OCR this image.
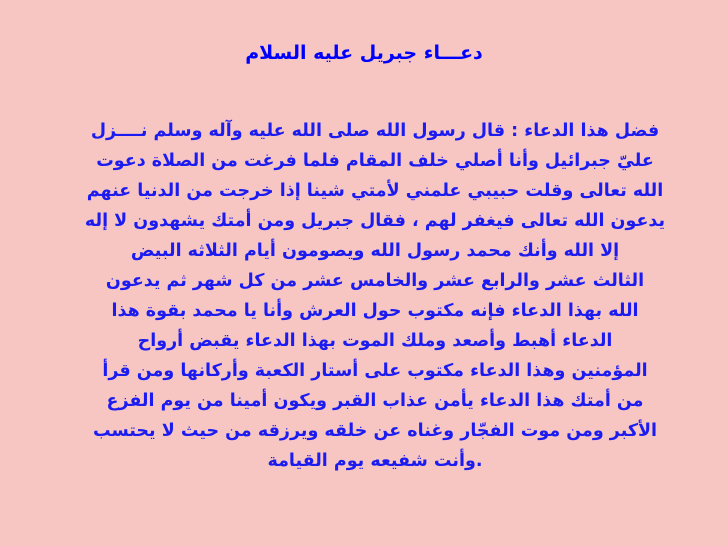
دعـــاء جبريل عليه السلام
فضل هذا الدعاء : قال رسول الله صلى الله عليه وآله وسلم نــــزل
عليّ جبرائيل وأنا أصلي خلف المقام فلما فرغت من الصلاة دعوت
الله تعالى وقلت حبيبي علمني لأمتي شينا إذا خرجت من الدنيا عنهم
يدعون الله تعالى فيغفر لهم ، فقال جبريل ومن أمتك يشهدون لا إله
إلا الله وأنك محمد رسول الله ويصومون أيام الثلاثه البيض
الثالث عشر والرابع عشر والخامس عشر من كل شهر ثم يدعون
الله بهذا الدعاء فإنه مكتوب حول العرش وأنا يا محمد بقوة هذا
الدعاء أهبط وأصعد وملك الموت بهذا الدعاء يقبض أرواح
المؤمنين وهذا الدعاء مكتوب على أستار الكعبة وأركانها ومن قرأ
من أمتك هذا الدعاء يأمن عذاب القبر ويكون أمينا من يوم الفزع
الأكبر ومن موت الفجّار وغناه عن خلقه ويرزقه من حيث لا يحتسب
.وأنت شفيعه يوم القيامة
